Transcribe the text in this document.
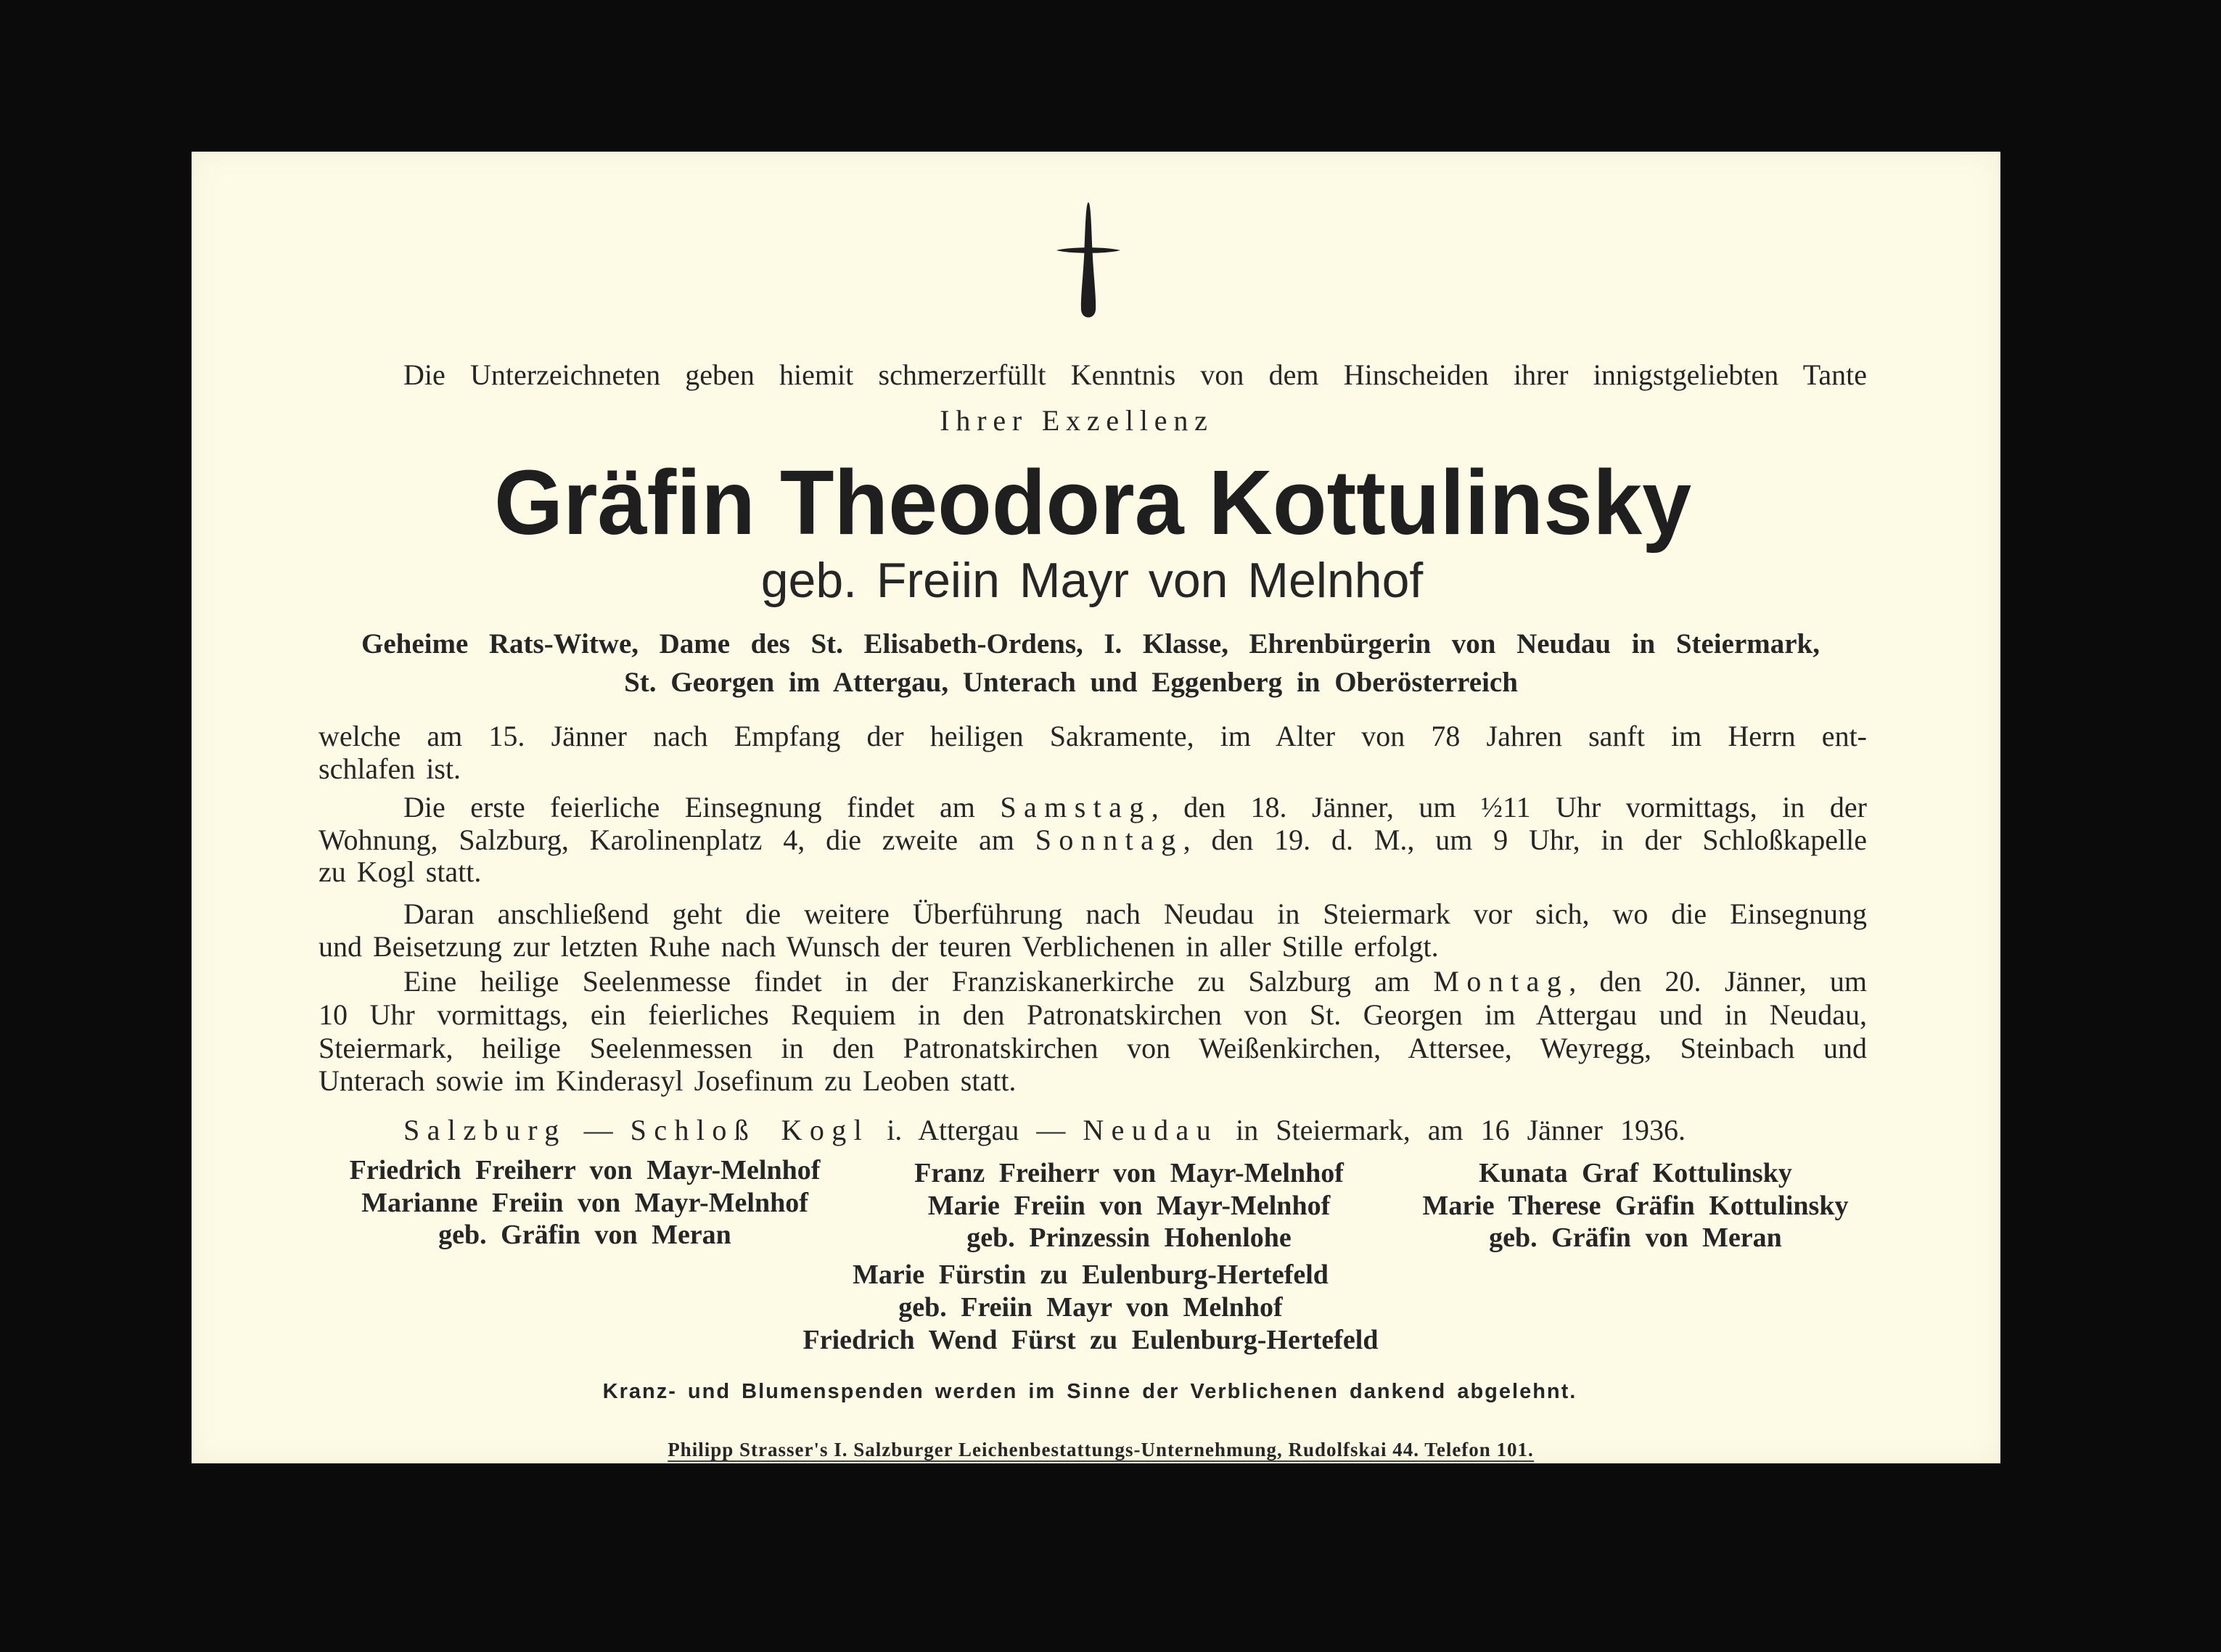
Die Unterzeichneten geben hiemit schmerzerfüllt Kenntnis von dem Hinscheiden ihrer innigstgeliebten Tante
Ihrer Exzellenz
Gräfin Theodora Kottulinsky
geb. Freiin Mayr von Melnhof
Geheime Rats-Witwe, Dame des St. Elisabeth-Ordens, I. Klasse, Ehrenbürgerin von Neudau in Steiermark,
St. Georgen im Attergau, Unterach und Eggenberg in Oberösterreich
welche am 15. Jänner nach Empfang der heiligen Sakramente, im Alter von 78 Jahren sanft im Herrn ent-
schlafen ist.
Die erste feierliche Einsegnung findet am Samstag, den 18. Jänner, um ½11 Uhr vormittags, in der
Wohnung, Salzburg, Karolinenplatz 4, die zweite am Sonntag, den 19. d. M., um 9 Uhr, in der Schloßkapelle
zu Kogl statt.
Daran anschließend geht die weitere Überführung nach Neudau in Steiermark vor sich, wo die Einsegnung
und Beisetzung zur letzten Ruhe nach Wunsch der teuren Verblichenen in aller Stille erfolgt.
Eine heilige Seelenmesse findet in der Franziskanerkirche zu Salzburg am Montag, den 20. Jänner, um
10 Uhr vormittags, ein feierliches Requiem in den Patronatskirchen von St. Georgen im Attergau und in Neudau,
Steiermark, heilige Seelenmessen in den Patronatskirchen von Weißenkirchen, Attersee, Weyregg, Steinbach und
Unterach sowie im Kinderasyl Josefinum zu Leoben statt.
Salzburg — Schloß Kogl i. Attergau — Neudau in Steiermark, am 16 Jänner 1936.
Friedrich Freiherr von Mayr-Melnhof
Marianne Freiin von Mayr-Melnhof
geb. Gräfin von Meran
Franz Freiherr von Mayr-Melnhof
Marie Freiin von Mayr-Melnhof
geb. Prinzessin Hohenlohe
Kunata Graf Kottulinsky
Marie Therese Gräfin Kottulinsky
geb. Gräfin von Meran
Marie Fürstin zu Eulenburg-Hertefeld
geb. Freiin Mayr von Melnhof
Friedrich Wend Fürst zu Eulenburg-Hertefeld
Kranz- und Blumenspenden werden im Sinne der Verblichenen dankend abgelehnt.
Philipp Strasser's I. Salzburger Leichenbestattungs-Unternehmung, Rudolfskai 44. Telefon 101.
